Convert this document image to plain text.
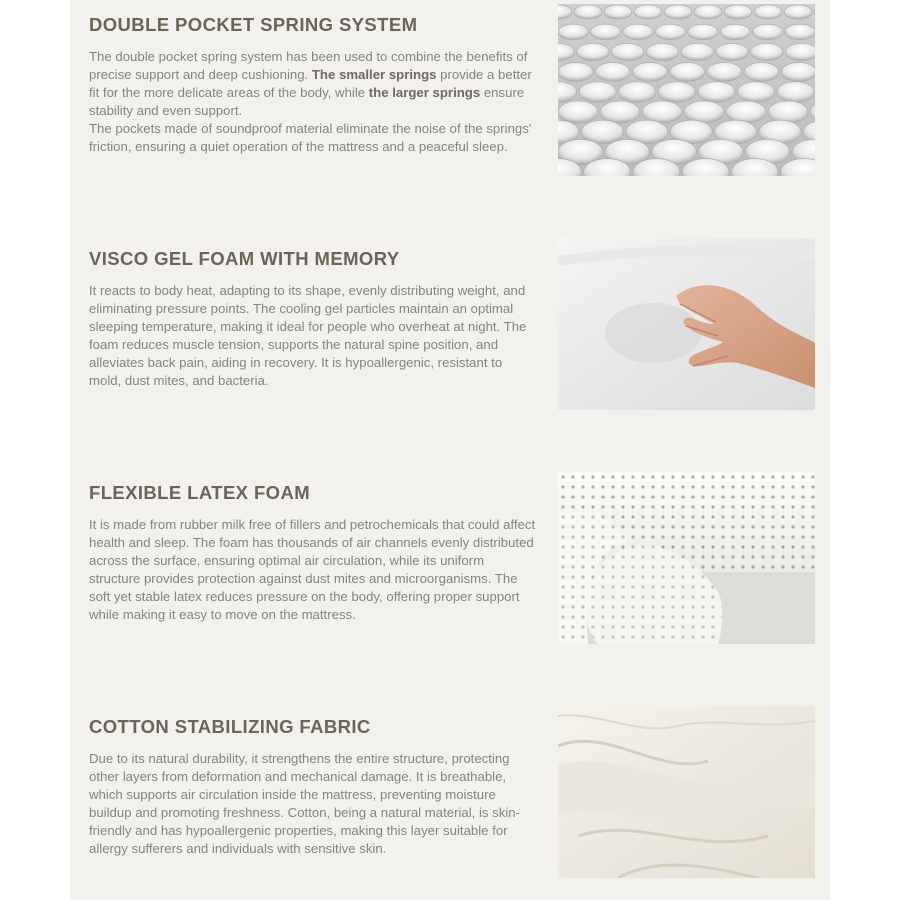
DOUBLE POCKET SPRING SYSTEM

The double pocket spring system has been used to combine the benefits of precise support and deep cushioning. The smaller springs provide a better fit for the more delicate areas of the body, while the larger springs ensure stability and even support.
The pockets made of soundproof material eliminate the noise of the springs' friction, ensuring a quiet operation of the mattress and a peaceful sleep.

VISCO GEL FOAM WITH MEMORY

It reacts to body heat, adapting to its shape, evenly distributing weight, and eliminating pressure points. The cooling gel particles maintain an optimal sleeping temperature, making it ideal for people who overheat at night. The foam reduces muscle tension, supports the natural spine position, and alleviates back pain, aiding in recovery. It is hypoallergenic, resistant to mold, dust mites, and bacteria.

FLEXIBLE LATEX FOAM

It is made from rubber milk free of fillers and petrochemicals that could affect health and sleep. The foam has thousands of air channels evenly distributed across the surface, ensuring optimal air circulation, while its uniform structure provides protection against dust mites and microorganisms. The soft yet stable latex reduces pressure on the body, offering proper support while making it easy to move on the mattress.

COTTON STABILIZING FABRIC

Due to its natural durability, it strengthens the entire structure, protecting other layers from deformation and mechanical damage. It is breathable, which supports air circulation inside the mattress, preventing moisture buildup and promoting freshness. Cotton, being a natural material, is skin-friendly and has hypoallergenic properties, making this layer suitable for allergy sufferers and individuals with sensitive skin.
